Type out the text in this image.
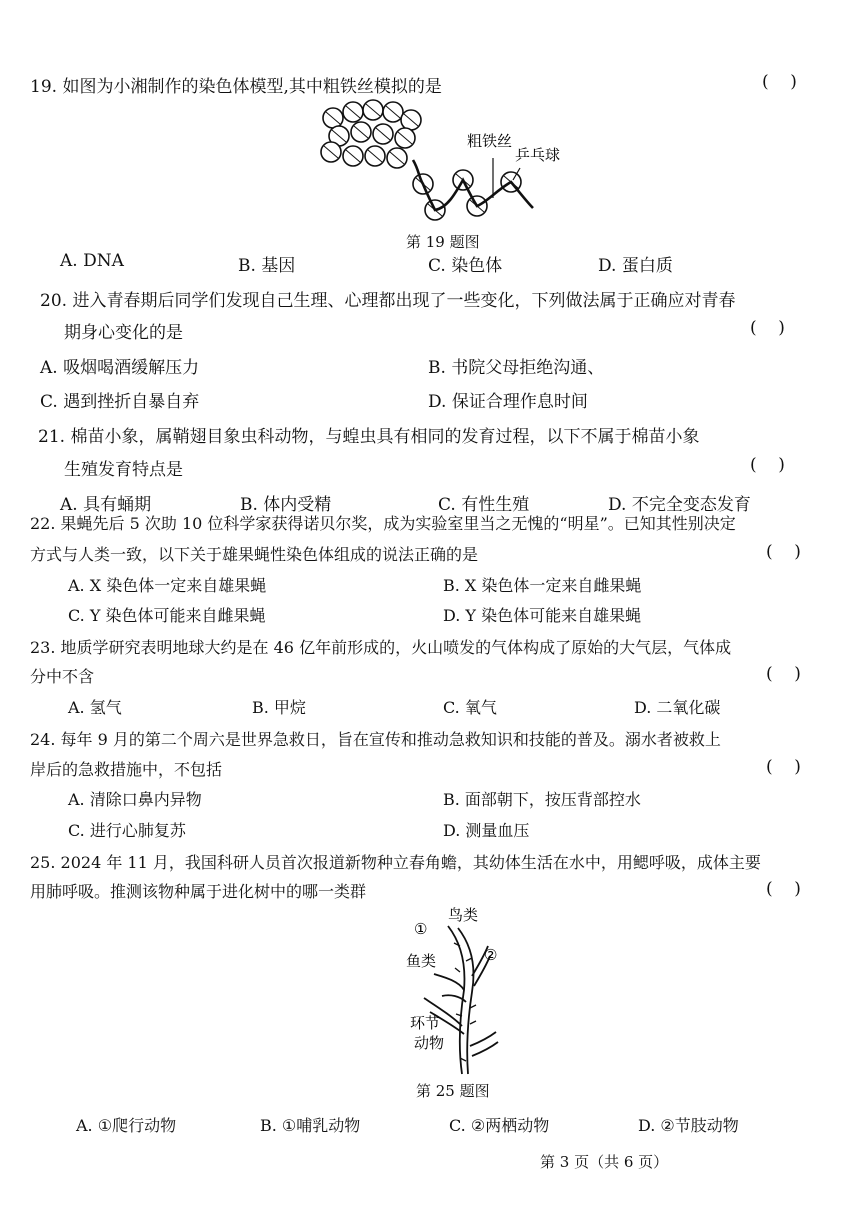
19. 如图为小湘制作的染色体模型,其中粗铁丝模拟的是	(    )
粗铁丝
乒乓球
第 19 题图
A. DNA	B. 基因	C. 染色体	D. 蛋白质
20. 进入青春期后同学们发现自己生理、心理都出现了一些变化，下列做法属于正确应对青春
期身心变化的是	(    )
A. 吸烟喝酒缓解压力	B. 书院父母拒绝沟通、
C. 遇到挫折自暴自弃	D. 保证合理作息时间
21. 棉苗小象，属鞘翅目象虫科动物，与蝗虫具有相同的发育过程，以下不属于棉苗小象
生殖发育特点是	(    )
A. 具有蛹期	B. 体内受精	C. 有性生殖	D. 不完全变态发育
22. 果蝇先后 5 次助 10 位科学家获得诺贝尔奖，成为实验室里当之无愧的“明星”。已知其性别决定
方式与人类一致，以下关于雄果蝇性染色体组成的说法正确的是	(    )
A. X 染色体一定来自雄果蝇	B. X 染色体一定来自雌果蝇
C. Y 染色体可能来自雌果蝇	D. Y 染色体可能来自雄果蝇
23. 地质学研究表明地球大约是在 46 亿年前形成的，火山喷发的气体构成了原始的大气层，气体成
分中不含	(    )
A. 氢气	B. 甲烷	C. 氧气	D. 二氧化碳
24. 每年 9 月的第二个周六是世界急救日，旨在宣传和推动急救知识和技能的普及。溺水者被救上
岸后的急救措施中，不包括	(    )
A. 清除口鼻内异物	B. 面部朝下，按压背部控水
C. 进行心肺复苏	D. 测量血压
25. 2024 年 11 月，我国科研人员首次报道新物种立春角蟾，其幼体生活在水中，用鳃呼吸，成体主要
用肺呼吸。推测该物种属于进化树中的哪一类群	(    )
鸟类
①
鱼类	②
环节
动物
第 25 题图
A. ①爬行动物	B. ①哺乳动物	C. ②两栖动物	D. ②节肢动物
第 3 页（共 6 页）
